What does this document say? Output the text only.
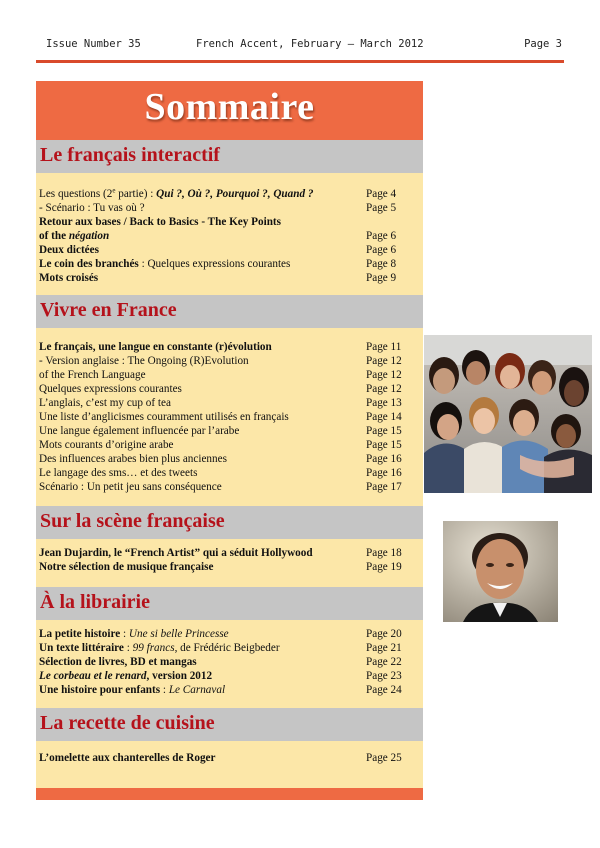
Issue Number 35	French Accent, February – March 2012	Page 3
Sommaire
Le français interactif
Les questions (2e partie) : Qui ?, Où ?, Pourquoi ?, Quand ?	Page 4
- Scénario : Tu vas où ?	Page 5
Retour aux bases / Back to Basics - The Key Points
of the négation	Page 6
Deux dictées	Page 6
Le coin des branchés : Quelques expressions courantes	Page 8
Mots croisés	Page 9
Vivre en France
Le français, une langue en constante (r)évolution	Page 11
- Version anglaise : The Ongoing (R)Evolution	Page 12
of the French Language	Page 12
Quelques expressions courantes	Page 12
L’anglais, c’est my cup of tea	Page 13
Une liste d’anglicismes couramment utilisés en français	Page 14
Une langue également influencée par l’arabe	Page 15
Mots courants d’origine arabe	Page 15
Des influences arabes bien plus anciennes	Page 16
Le langage des sms… et des tweets	Page 16
Scénario : Un petit jeu sans conséquence	Page 17
Sur la scène française
Jean Dujardin, le “French Artist” qui a séduit Hollywood	Page 18
Notre sélection de musique française	Page 19
À la librairie
La petite histoire : Une si belle Princesse	Page 20
Un texte littéraire : 99 francs, de Frédéric Beigbeder	Page 21
Sélection de livres, BD et mangas	Page 22
Le corbeau et le renard, version 2012	Page 23
Une histoire pour enfants : Le Carnaval	Page 24
La recette de cuisine
L’omelette aux chanterelles de Roger	Page 25
